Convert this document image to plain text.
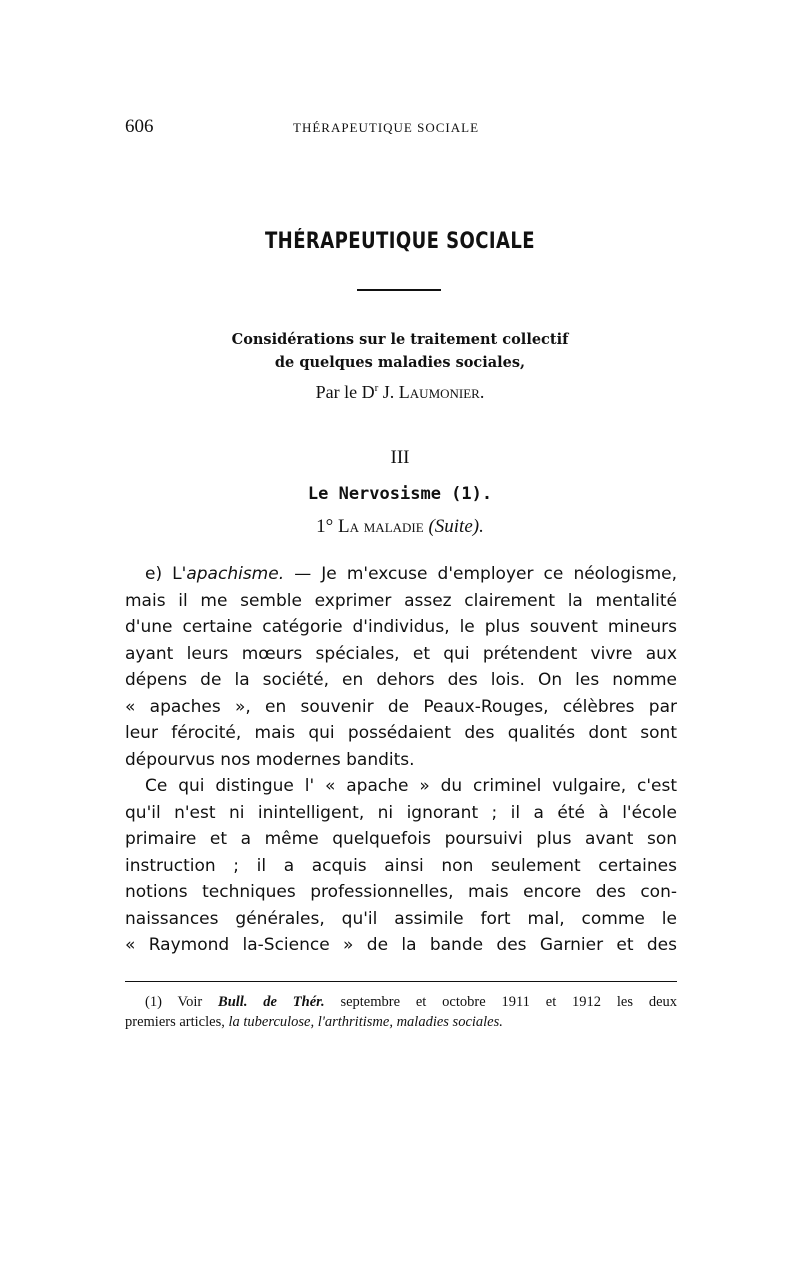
606	THÉRAPEUTIQUE SOCIALE
THÉRAPEUTIQUE SOCIALE
Considérations sur le traitement collectif
de quelques maladies sociales,
Par le $D^r$ J. Laumonier.
III
Le Nervosisme (1).
1° La maladie (Suite).
e) L'apachisme. — Je m'excuse d'employer ce néologisme,
mais il me semble exprimer assez clairement la mentalité
d'une certaine catégorie d'individus, le plus souvent mineurs
ayant leurs mœurs spéciales, et qui prétendent vivre aux
dépens de la société, en dehors des lois. On les nomme
« apaches », en souvenir de Peaux-Rouges, célèbres par
leur férocité, mais qui possédaient des qualités dont sont
dépourvus nos modernes bandits.
Ce qui distingue l' « apache » du criminel vulgaire, c'est
qu'il n'est ni inintelligent, ni ignorant ; il a été à l'école
primaire et a même quelquefois poursuivi plus avant son
instruction ; il a acquis ainsi non seulement certaines
notions techniques professionnelles, mais encore des con-
naissances générales, qu'il assimile fort mal, comme le
« Raymond la-Science » de la bande des Garnier et des
(1) Voir Bull. de Thér. septembre et octobre 1911 et 1912 les deux
premiers articles, la tuberculose, l'arthritisme, maladies sociales.
